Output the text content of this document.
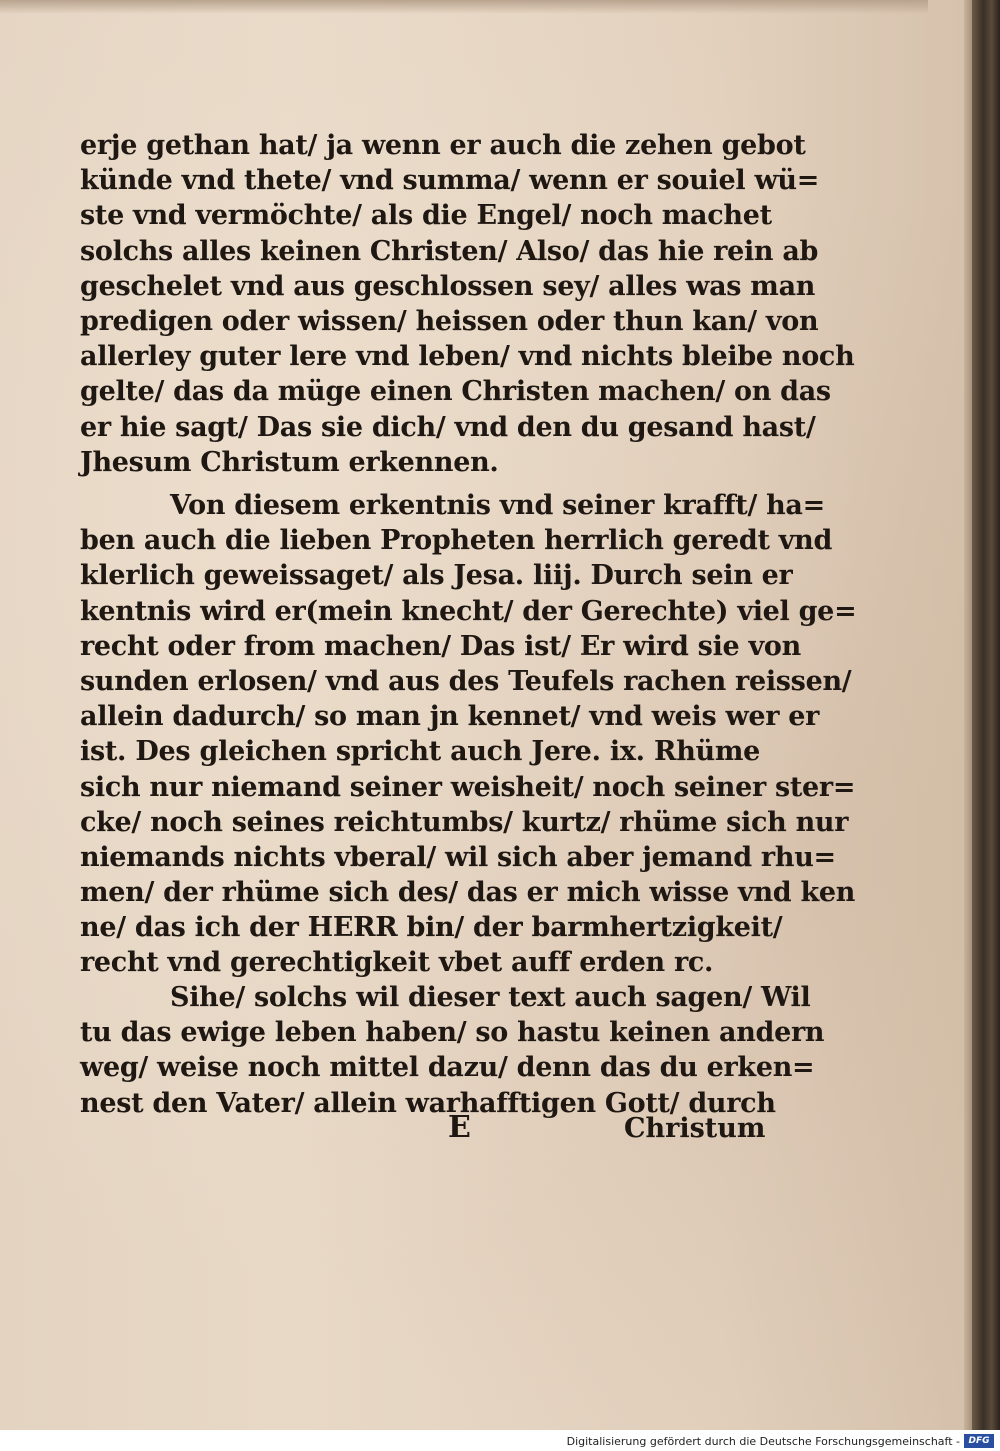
erje gethan hat/ ja wenn er auch die zehen gebot
künde vnd thete/ vnd summa/ wenn er souiel wü=
ste vnd vermöchte/ als die Engel/ noch machet
solchs alles keinen Christen/ Also/ das hie rein ab
geschelet vnd aus geschlossen sey/ alles was man
predigen oder wissen/ heissen oder thun kan/ von
allerley guter lere vnd leben/ vnd nichts bleibe noch
gelte/ das da müge einen Christen machen/ on das
er hie sagt/ Das sie dich/ vnd den du gesand hast/
Jhesum Christum erkennen.
Von diesem erkentnis vnd seiner krafft/ ha=
ben auch die lieben Propheten herrlich geredt vnd
klerlich geweissaget/ als Jesa. liij. Durch sein er
kentnis wird er(mein knecht/ der Gerechte) viel ge=
recht oder from machen/ Das ist/ Er wird sie von
sunden erlosen/ vnd aus des Teufels rachen reissen/
allein dadurch/ so man jn kennet/ vnd weis wer er
ist. Des gleichen spricht auch Jere. ix. Rhüme
sich nur niemand seiner weisheit/ noch seiner ster=
cke/ noch seines reichtumbs/ kurtz/ rhüme sich nur
niemands nichts vberal/ wil sich aber jemand rhu=
men/ der rhüme sich des/ das er mich wisse vnd ken
ne/ das ich der HERR bin/ der barmhertzigkeit/
recht vnd gerechtigkeit vbet auff erden rc.
Sihe/ solchs wil dieser text auch sagen/ Wil
tu das ewige leben haben/ so hastu keinen andern
weg/ weise noch mittel dazu/ denn das du erken=
nest den Vater/ allein warhafftigen Gott/ durch
E	Christum
Digitalisierung gefördert durch die Deutsche Forschungsgemeinschaft - DFG
